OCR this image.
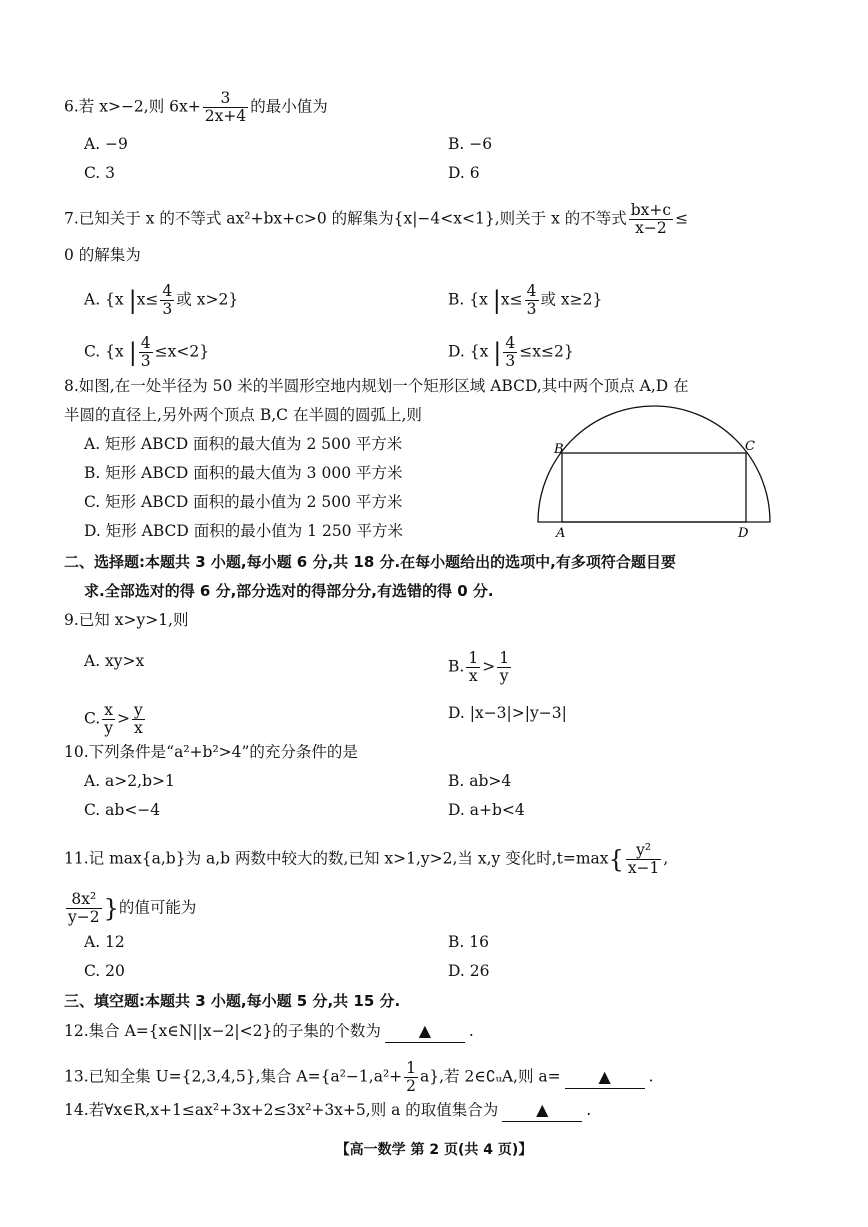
6.若 x>−2,则 $6x+ \frac{3}{2x+4}$ 的最小值为
A. −9	B. −6
C. 3	D. 6
7.已知关于 x 的不等式 ax²+bx+c>0 的解集为{x|−4<x<1},则关于 x 的不等式 $\frac{bx+c}{x-2}$ ≤
0 的解集为
A. {x $|x\le \frac{4}{3}$ 或 x>2}	B. {x $|x\le \frac{4}{3}$ 或 x≥2}
C. {x | $\frac{4}{3} \le x<2$}	D. {x | $\frac{4}{3} \le x\le 2$}
8.如图,在一处半径为 50 米的半圆形空地内规划一个矩形区域 ABCD,其中两个顶点 A,D 在
半圆的直径上,另外两个顶点 B,C 在半圆的圆弧上,则
A. 矩形 ABCD 面积的最大值为 2 500 平方米
B. 矩形 ABCD 面积的最大值为 3 000 平方米
C. 矩形 ABCD 面积的最小值为 2 500 平方米
D. 矩形 ABCD 面积的最小值为 1 250 平方米
B	C
A	D
二、选择题:本题共 3 小题,每小题 6 分,共 18 分.在每小题给出的选项中,有多项符合题目要
求.全部选对的得 6 分,部分选对的得部分分,有选错的得 0 分.
9.已知 x>y>1,则
A. xy>x	B. $\frac{1}{x} > \frac{1}{y}$
C. $\frac{x}{y} > \frac{y}{x}$	D. |x−3|>|y−3|
10.下列条件是“a²+b²>4”的充分条件的是
A. a>2,b>1	B. ab>4
C. ab<−4	D. a+b<4
11.记 max{a,b}为 a,b 两数中较大的数,已知 x>1,y>2,当 x,y 变化时$,t=\max\{ \frac{\text{y²}}{x-1}$ ,
$\frac{\text{8x²}}{y-2}$ }的值可能为
A. 12	B. 16
C. 20	D. 26
三、填空题:本题共 3 小题,每小题 5 分,共 15 分.
12.集合 A={x∈N||x−2|<2}的子集的个数为 ▲ .
13.已知全集 U={2,3,4,5},集合 $A=\{a^2-1,a^2+ \frac{1}{2} a\}$,若 2∈∁ᵤA,则 a= ▲ .
14.若∀x∈R,x+1≤ax²+3x+2≤3x²+3x+5,则 a 的取值集合为 ▲ .
【高一数学 第 2 页(共 4 页)】
